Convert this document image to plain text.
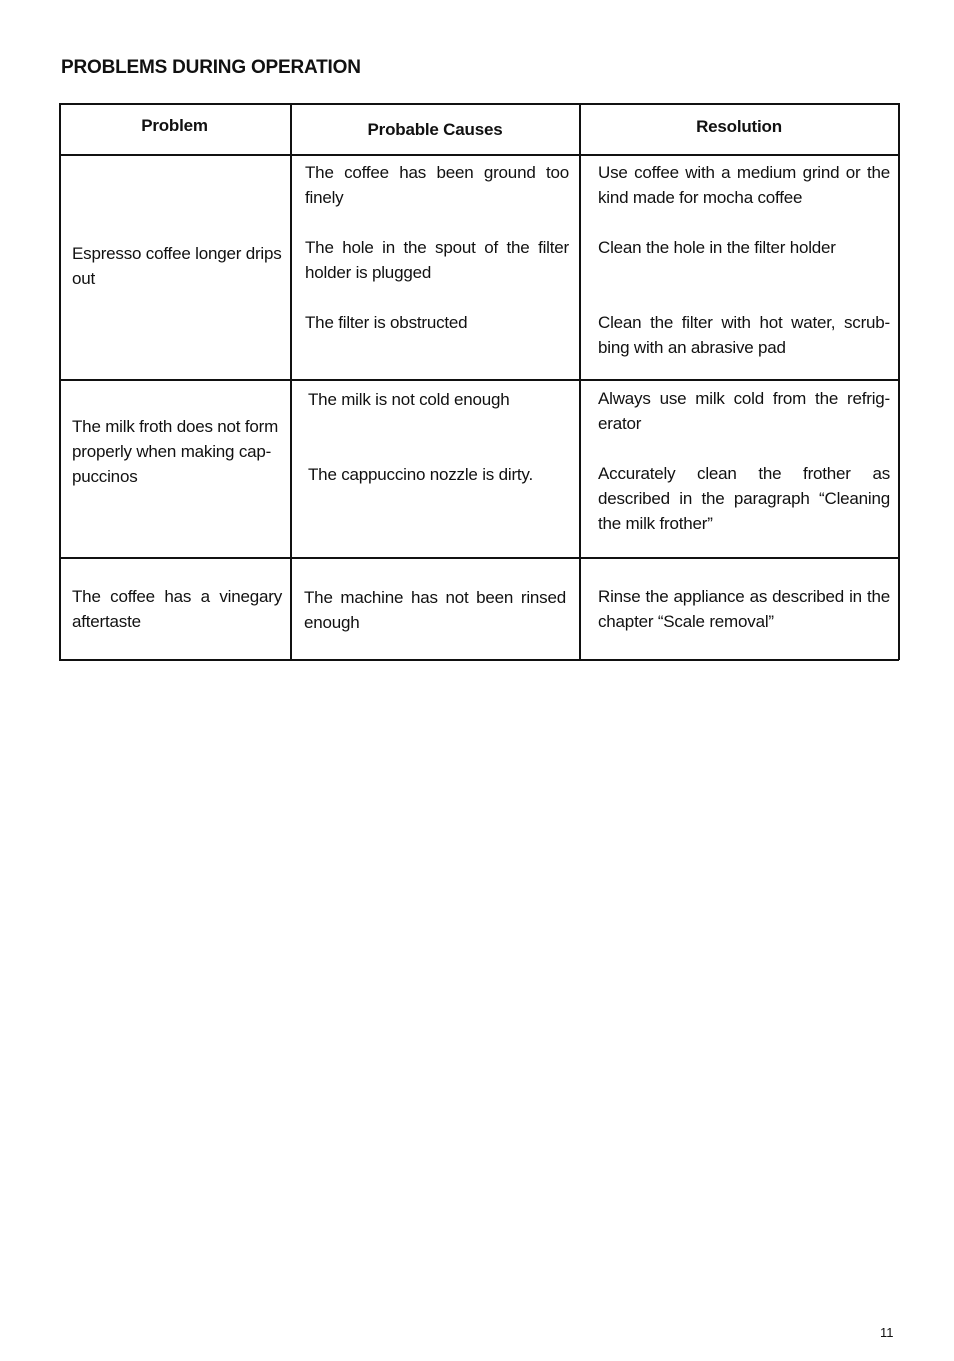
PROBLEMS DURING OPERATION
Problem	Probable Causes	Resolution
Espresso coffee longer drips out
The coffee has been ground too finely
The hole in the spout of the filter holder is plugged
The filter is obstructed
Use coffee with a medium grind or the kind made for mocha coffee
Clean the hole in the filter holder
Clean the filter with hot water, scrub-bing with an abrasive pad
The milk froth does not form properly when making cap-puccinos
The milk is not cold enough
The cappuccino nozzle is dirty.
Always use milk cold from the refrig-erator
Accurately clean the frother as described in the paragraph “Cleaning the milk frother”
The coffee has a vinegary aftertaste
The machine has not been rinsed enough
Rinse the appliance as described in the chapter “Scale removal”
11
